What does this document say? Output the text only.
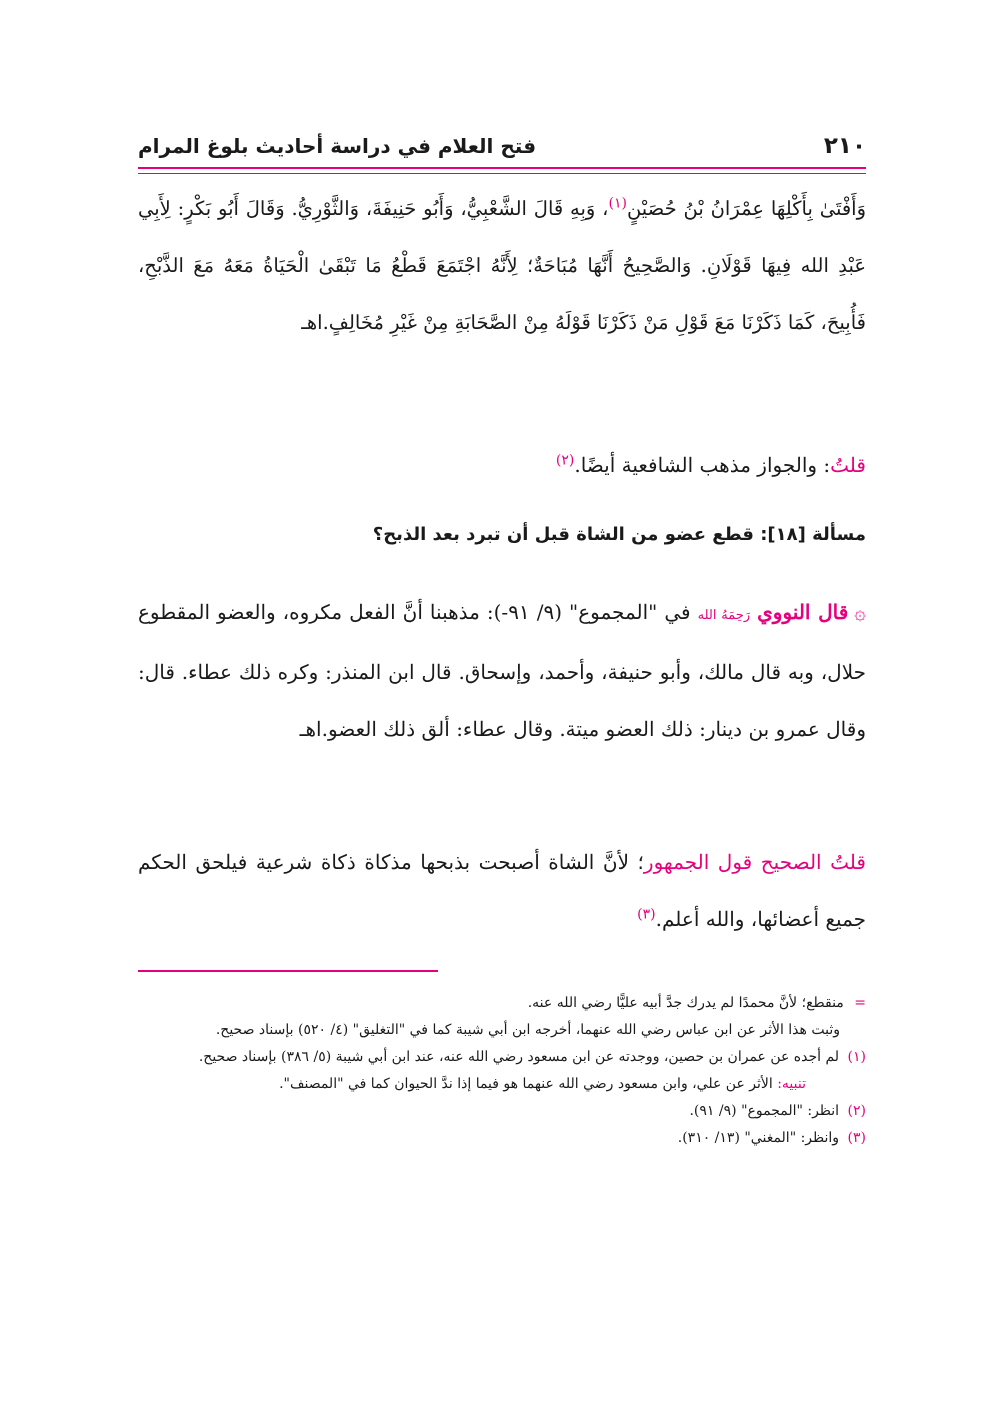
٢١٠
فتح العلام في دراسة أحاديث بلوغ المرام

وَأَفْتَىٰ بِأَكْلِهَا عِمْرَانُ بْنُ حُصَيْنٍ$^{(١)}$، وَبِهِ قَالَ الشَّعْبِيُّ، وَأَبُو حَنِيفَةَ، وَالثَّوْرِيُّ. وَقَالَ أَبُو بَكْرٍ: لِأَبِي عَبْدِ الله فِيهَا قَوْلَانِ. وَالصَّحِيحُ أَنَّهَا مُبَاحَةٌ؛ لِأَنَّهُ اجْتَمَعَ قَطْعُ مَا تَبْقَىٰ الْحَيَاةُ مَعَهُ مَعَ الذَّبْحِ، فَأُبِيحَ، كَمَا ذَكَرْنَا مَعَ قَوْلِ مَنْ ذَكَرْنَا قَوْلَهُ مِنْ الصَّحَابَةِ مِنْ غَيْرِ مُخَالِفٍ.اهـ

قلتُ: والجواز مذهب الشافعية أيضًا.$^{(٢)}$

مسألة [١٨]: قطع عضو من الشاة قبل أن تبرد بعد الذبح؟

۞قال النووي رَحِمَهُ الله في "المجموع" (٩/ ٩١-): مذهبنا أنَّ الفعل مكروه، والعضو المقطوع حلال، وبه قال مالك، وأبو حنيفة، وأحمد، وإسحاق. قال ابن المنذر: وكره ذلك عطاء. قال: وقال عمرو بن دينار: ذلك العضو ميتة. وقال عطاء: ألق ذلك العضو.اهـ

قلتُ الصحيح قول الجمهور؛ لأنَّ الشاة أصبحت بذبحها مذكاة ذكاة شرعية فيلحق الحكم جميع أعضائها، والله أعلم.$^{(٣)}$

= منقطع؛ لأنَّ محمدًا لم يدرك جدَّ أبيه عليًّا رضي الله عنه.

وثبت هذا الأثر عن ابن عباس رضي الله عنهما، أخرجه ابن أبي شيبة كما في "التغليق" (٤/ ٥٢٠) بإسناد صحيح.

(١) لم أجده عن عمران بن حصين، ووجدته عن ابن مسعود رضي الله عنه، عند ابن أبي شيبة (٥/ ٣٨٦) بإسناد صحيح.

تنبيه: الأثر عن علي، وابن مسعود رضي الله عنهما هو فيما إذا ندَّ الحيوان كما في "المصنف".

(٢) انظر: "المجموع" (٩/ ٩١).

(٣) وانظر: "المغني" (١٣/ ٣١٠).
